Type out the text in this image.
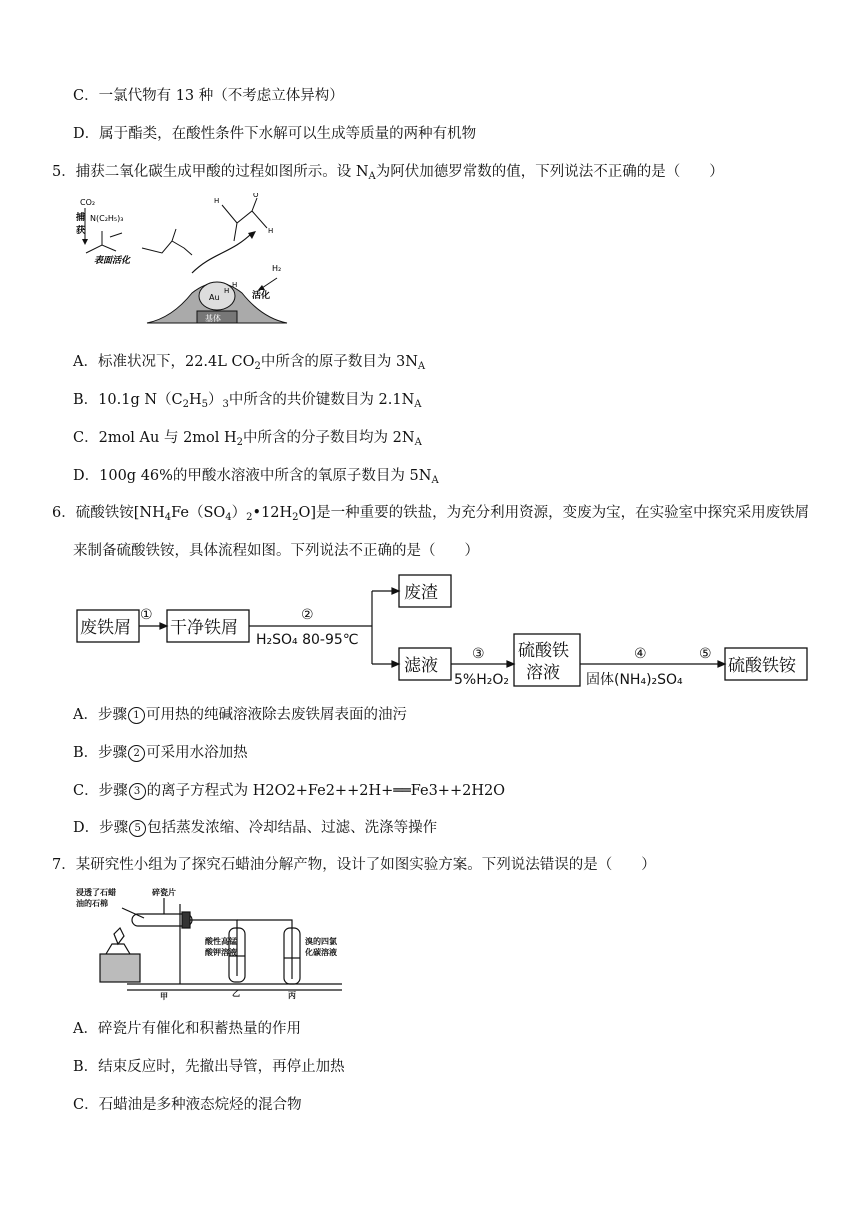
C．一氯代物有 13 种（不考虑立体异构）
D．属于酯类，在酸性条件下水解可以生成等质量的两种有机物
5．捕获二氧化碳生成甲酸的过程如图所示。设 $N_A$为阿伏加德罗常数的值，下列说法不正确的是（　　）
CO₂
捕
获
N(C₂H₅)₃
表面活化
活化
H₂
H
O
H
Au
基体
H
H
A．标准状况下，22.4L $CO_2$中所含的原子数目为 $3N_A$
B．10.1g $N(C_2H_5)_3$中所含的共价键数目为 $2.1N_A$
C．2mol Au 与 2mol $H_2$中所含的分子数目均为 $2N_A$
D．100g 46%的甲酸水溶液中所含的氧原子数目为 $5N_A$
6．硫酸铁铵$[NH_4Fe(SO_4)_2•12H_2O]$是一种重要的铁盐，为充分利用资源，变废为宝，在实验室中探究采用废铁屑
来制备硫酸铁铵，具体流程如图。下列说法不正确的是（　　）
废铁屑 干净铁屑
废渣
滤液
硫酸铁
溶液	硫酸铁铵
①	②
③	④	⑤
H₂SO₄ 80-95℃
5%H₂O₂	固体(NH₄)₂SO₄
A．步骤 1 可用热的纯碱溶液除去废铁屑表面的油污
B．步骤 2 可采用水浴加热
C．步骤 3 的离子方程式为 H2O2+Fe2++2H+══Fe3++2H2O
D．步骤 5 包括蒸发浓缩、冷却结晶、过滤、洗涤等操作
7．某研究性小组为了探究石蜡油分解产物，设计了如图实验方案。下列说法错误的是（　　）
浸透了石蜡
油的石棉
碎瓷片
酸性高锰
酸钾溶液
溴的四氯
化碳溶液
甲	乙	丙
A．碎瓷片有催化和积蓄热量的作用
B．结束反应时，先撤出导管，再停止加热
C．石蜡油是多种液态烷烃的混合物
